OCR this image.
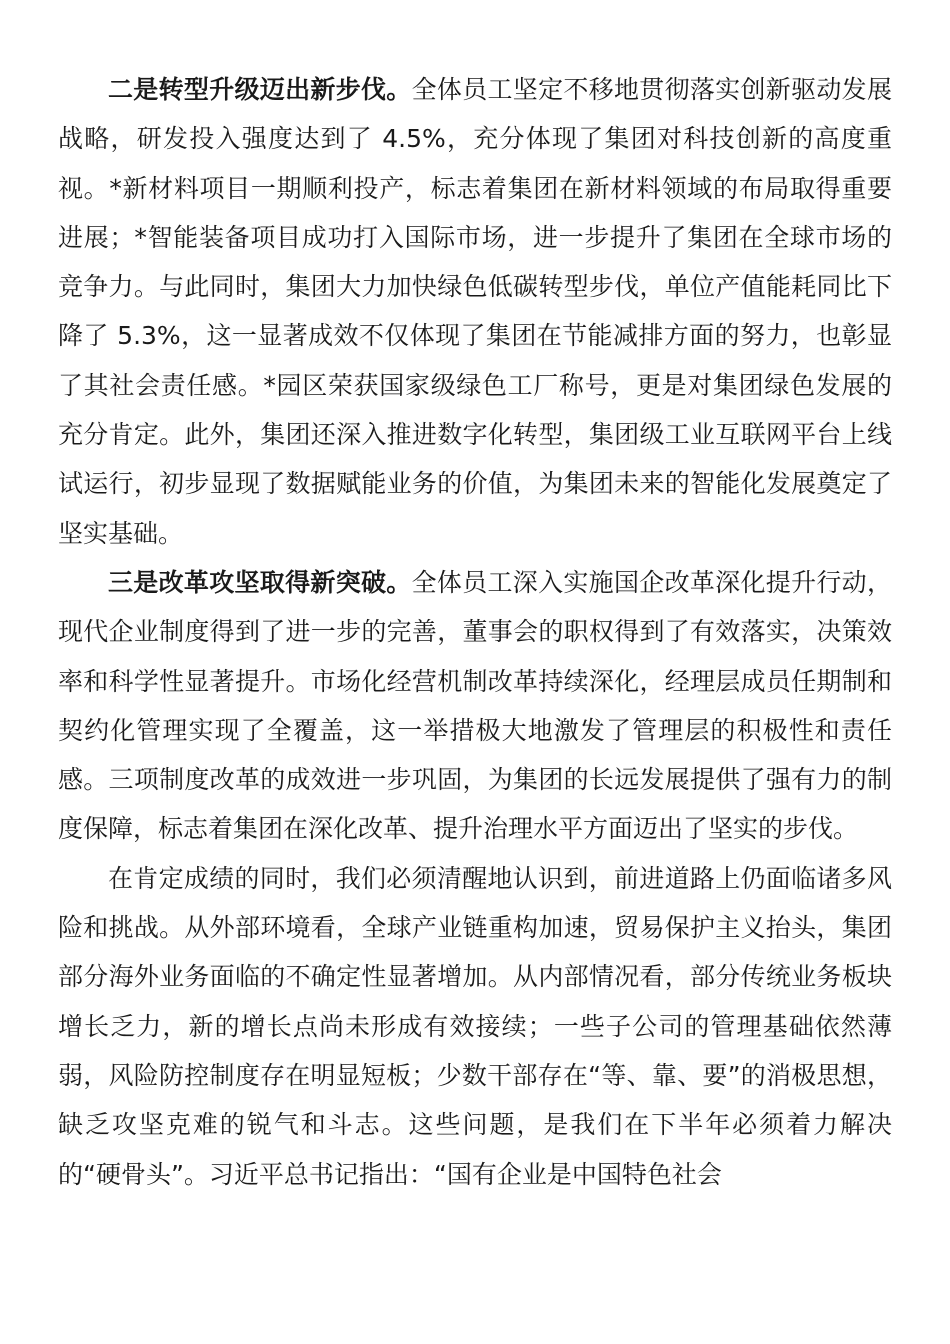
二是转型升级迈出新步伐。全体员工坚定不移地贯彻落实创新驱动发展战略，研发投入强度达到了 4.5%，充分体现了集团对科技创新的高度重视。*新材料项目一期顺利投产，标志着集团在新材料领域的布局取得重要进展；*智能装备项目成功打入国际市场，进一步提升了集团在全球市场的竞争力。与此同时，集团大力加快绿色低碳转型步伐，单位产值能耗同比下降了 5.3%，这一显著成效不仅体现了集团在节能减排方面的努力，也彰显了其社会责任感。*园区荣获国家级绿色工厂称号，更是对集团绿色发展的充分肯定。此外，集团还深入推进数字化转型，集团级工业互联网平台上线试运行，初步显现了数据赋能业务的价值，为集团未来的智能化发展奠定了坚实基础。

三是改革攻坚取得新突破。全体员工深入实施国企改革深化提升行动，现代企业制度得到了进一步的完善，董事会的职权得到了有效落实，决策效率和科学性显著提升。市场化经营机制改革持续深化，经理层成员任期制和契约化管理实现了全覆盖，这一举措极大地激发了管理层的积极性和责任感。三项制度改革的成效进一步巩固，为集团的长远发展提供了强有力的制度保障，标志着集团在深化改革、提升治理水平方面迈出了坚实的步伐。

在肯定成绩的同时，我们必须清醒地认识到，前进道路上仍面临诸多风险和挑战。从外部环境看，全球产业链重构加速，贸易保护主义抬头，集团部分海外业务面临的不确定性显著增加。从内部情况看，部分传统业务板块增长乏力，新的增长点尚未形成有效接续；一些子公司的管理基础依然薄弱，风险防控制度存在明显短板；少数干部存在“等、靠、要”的消极思想，缺乏攻坚克难的锐气和斗志。这些问题，是我们在下半年必须着力解决的“硬骨头”。习近平总书记指出：“国有企业是中国特色社会
